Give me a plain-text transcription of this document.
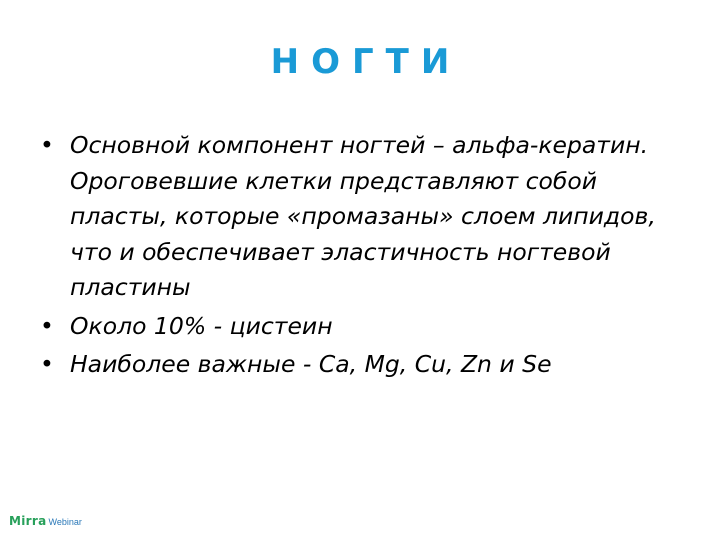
НОГТИ
• Основной компонент ногтей – альфа-кератин. Ороговевшие клетки представляют собой пласты, которые «промазаны» слоем липидов, что и обеспечивает эластичность ногтевой пластины
• Около 10% - цистеин
• Наиболее важные - Ca, Mg, Cu, Zn и Se
Mirra Webinar
